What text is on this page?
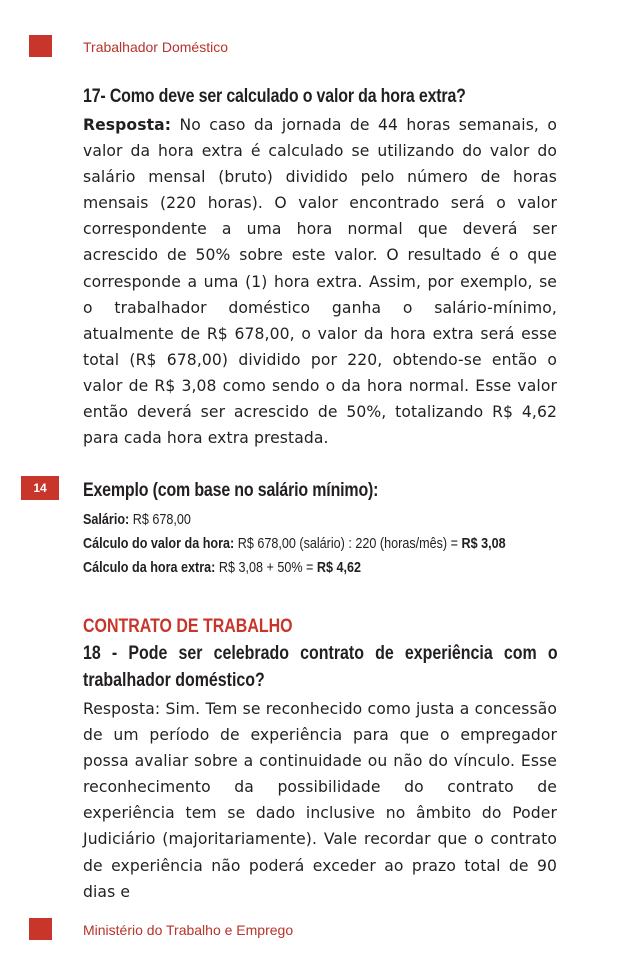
Trabalhador Doméstico
17- Como deve ser calculado o valor da hora extra?

Resposta: No caso da jornada de 44 horas semanais, o valor da hora extra é calculado se utilizando do valor do salário mensal (bruto) dividido pelo número de horas mensais (220 horas). O valor encontrado será o valor correspondente a uma hora normal que deverá ser acrescido de 50% sobre este valor. O resultado é o que corresponde a uma (1) hora extra. Assim, por exemplo, se o trabalhador doméstico ganha o salário-mínimo, atualmente de R$ 678,00, o valor da hora extra será esse total (R$ 678,00) dividido por 220, obtendo-se então o valor de R$ 3,08 como sendo o da hora normal. Esse valor então deverá ser acrescido de 50%, totalizando R$ 4,62 para cada hora extra prestada.

14	Exemplo (com base no salário mínimo):
Salário: R$ 678,00
Cálculo do valor da hora: R$ 678,00 (salário) : 220 (horas/mês) = R$ 3,08
Cálculo da hora extra: R$ 3,08 + 50% = R$ 4,62
CONTRATO DE TRABALHO
18 - Pode ser celebrado contrato de experiência com o trabalhador doméstico?

Resposta: Sim. Tem se reconhecido como justa a concessão de um período de experiência para que o empregador possa avaliar sobre a continuidade ou não do vínculo. Esse reconhecimento da possibilidade do contrato de experiência tem se dado inclusive no âmbito do Poder Judiciário (majoritariamente). Vale recordar que o contrato de experiência não poderá exceder ao prazo total de 90 dias e

Ministério do Trabalho e Emprego
